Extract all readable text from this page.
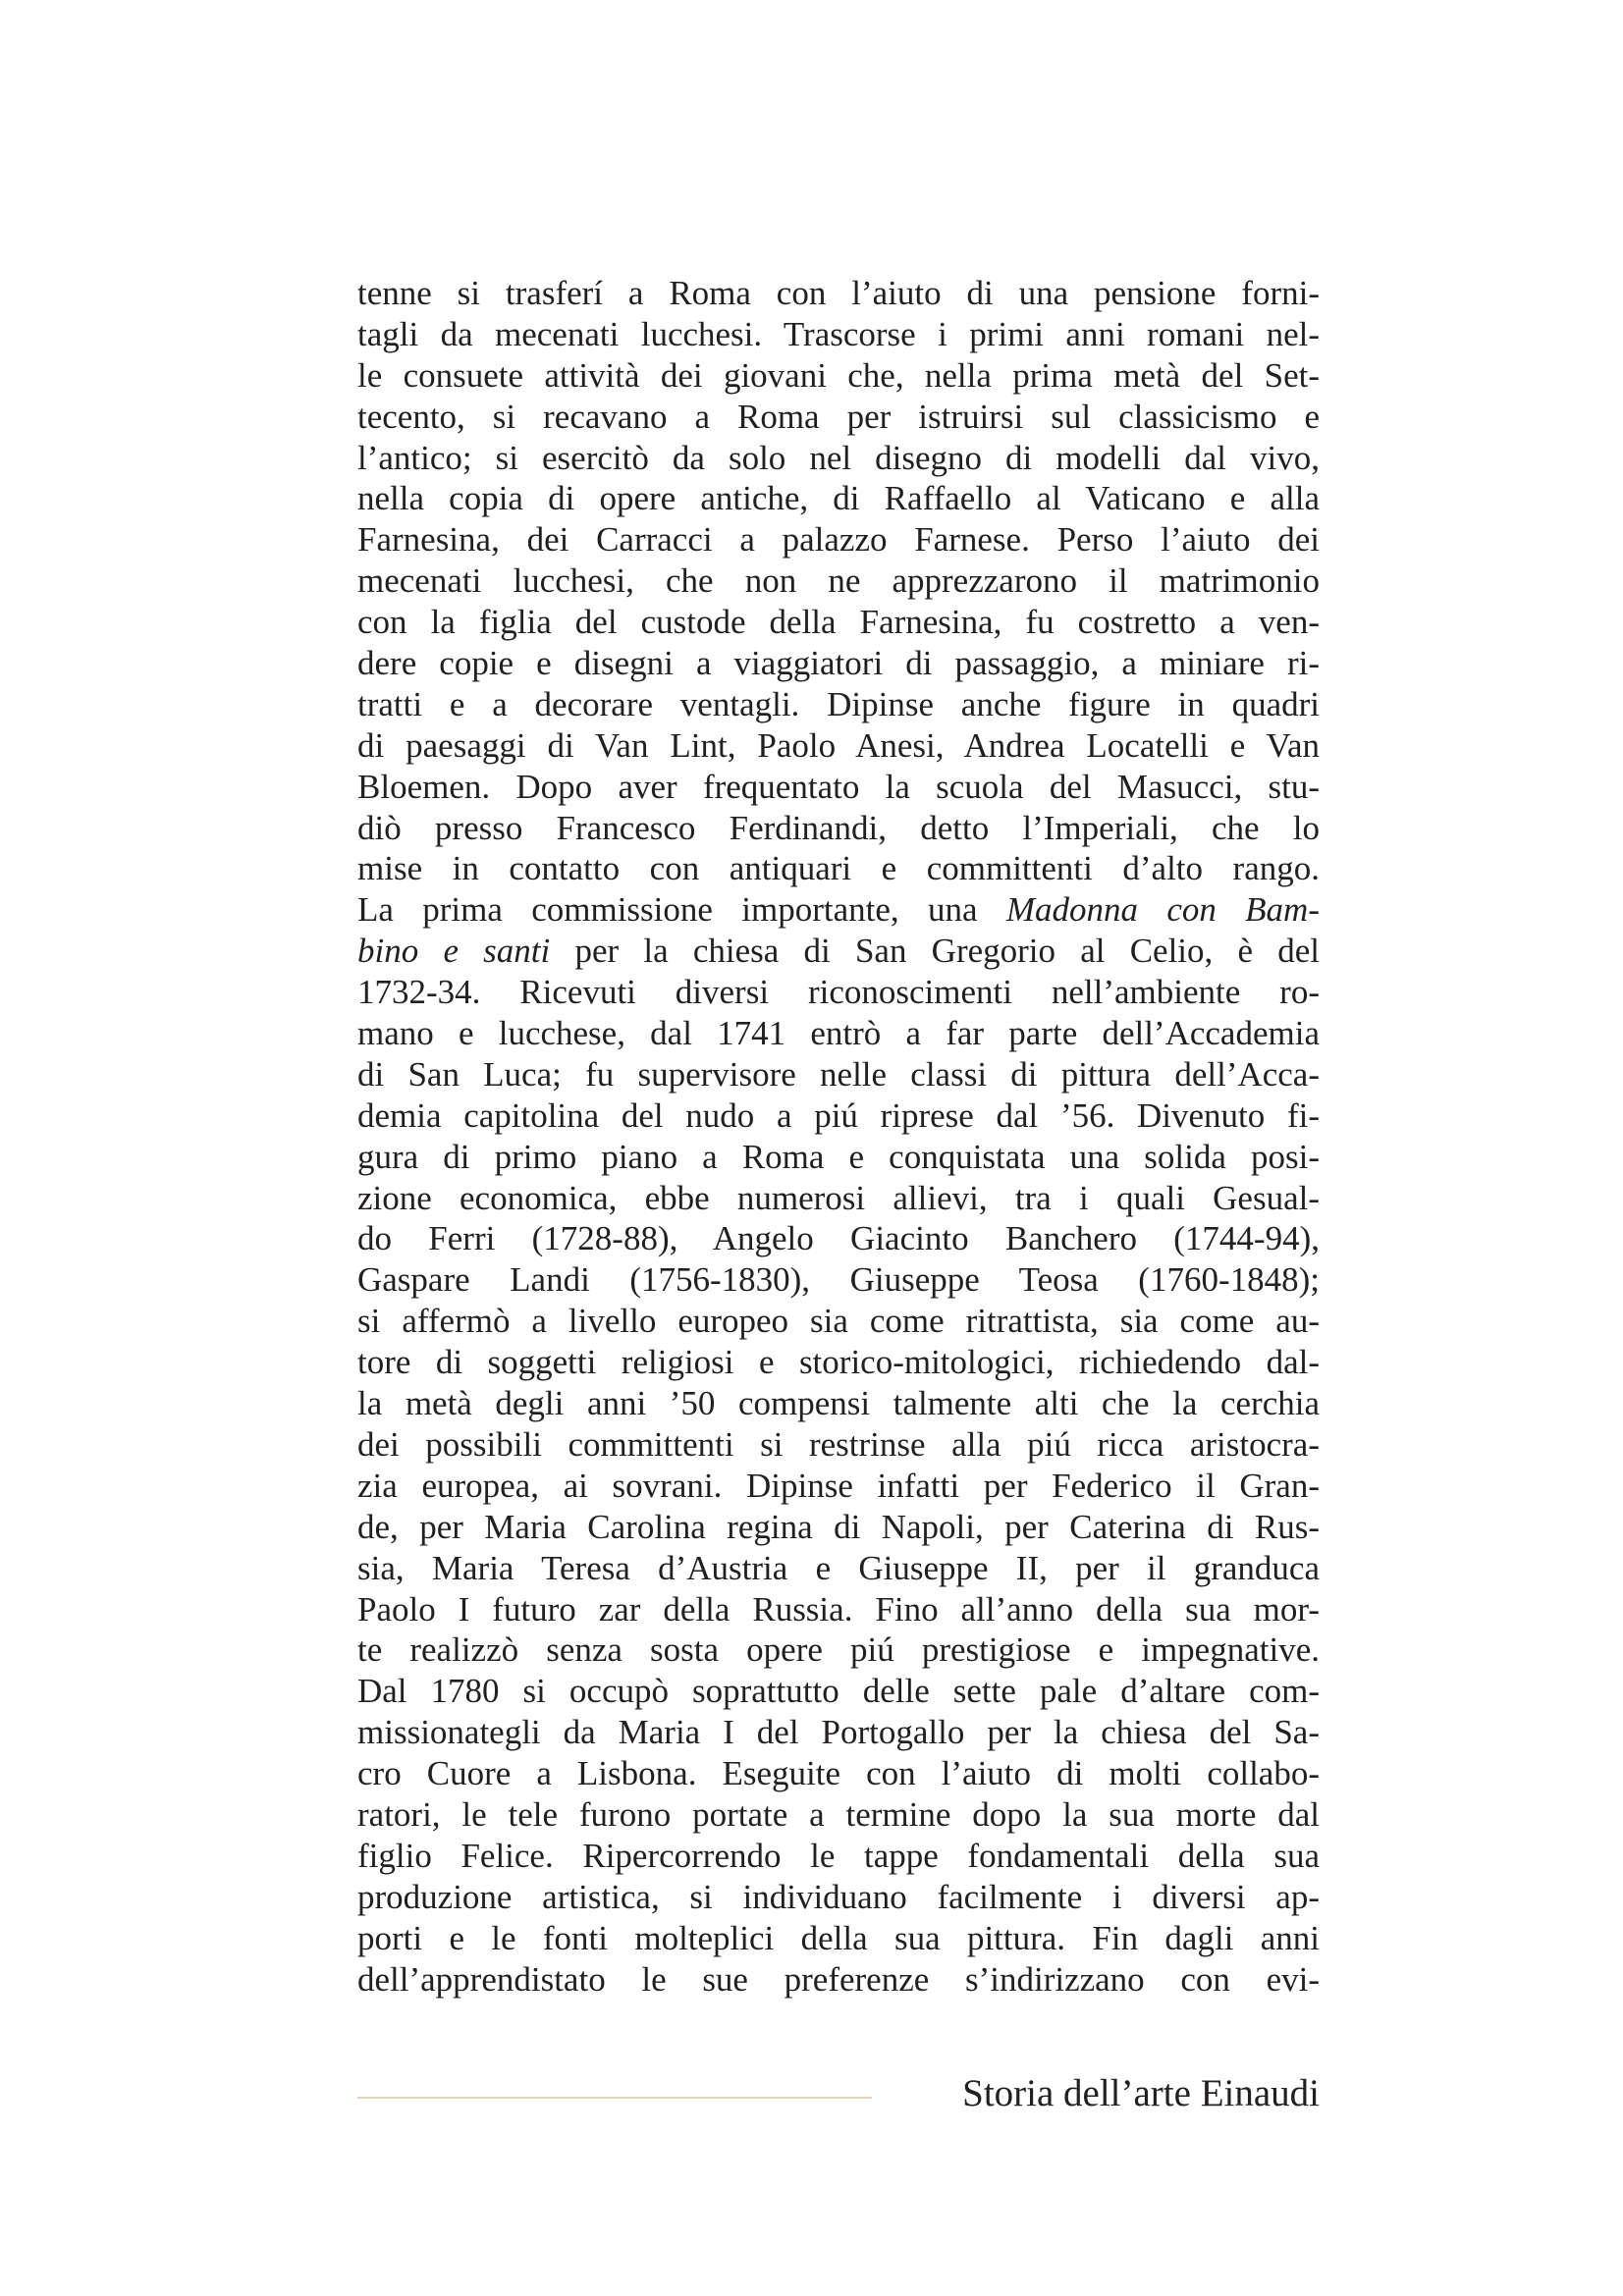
tenne si trasferí a Roma con l’aiuto di una pensione forni-
tagli da mecenati lucchesi. Trascorse i primi anni romani nel-
le consuete attività dei giovani che, nella prima metà del Set-
tecento, si recavano a Roma per istruirsi sul classicismo e
l’antico; si esercitò da solo nel disegno di modelli dal vivo,
nella copia di opere antiche, di Raffaello al Vaticano e alla
Farnesina, dei Carracci a palazzo Farnese. Perso l’aiuto dei
mecenati lucchesi, che non ne apprezzarono il matrimonio
con la figlia del custode della Farnesina, fu costretto a ven-
dere copie e disegni a viaggiatori di passaggio, a miniare ri-
tratti e a decorare ventagli. Dipinse anche figure in quadri
di paesaggi di Van Lint, Paolo Anesi, Andrea Locatelli e Van
Bloemen. Dopo aver frequentato la scuola del Masucci, stu-
diò presso Francesco Ferdinandi, detto l’Imperiali, che lo
mise in contatto con antiquari e committenti d’alto rango.
La prima commissione importante, una Madonna con Bam-
bino e santi per la chiesa di San Gregorio al Celio, è del
1732-34. Ricevuti diversi riconoscimenti nell’ambiente ro-
mano e lucchese, dal 1741 entrò a far parte dell’Accademia
di San Luca; fu supervisore nelle classi di pittura dell’Acca-
demia capitolina del nudo a piú riprese dal ’56. Divenuto fi-
gura di primo piano a Roma e conquistata una solida posi-
zione economica, ebbe numerosi allievi, tra i quali Gesual-
do Ferri (1728-88), Angelo Giacinto Banchero (1744-94),
Gaspare Landi (1756-1830), Giuseppe Teosa (1760-1848);
si affermò a livello europeo sia come ritrattista, sia come au-
tore di soggetti religiosi e storico-mitologici, richiedendo dal-
la metà degli anni ’50 compensi talmente alti che la cerchia
dei possibili committenti si restrinse alla piú ricca aristocra-
zia europea, ai sovrani. Dipinse infatti per Federico il Gran-
de, per Maria Carolina regina di Napoli, per Caterina di Rus-
sia, Maria Teresa d’Austria e Giuseppe II, per il granduca
Paolo I futuro zar della Russia. Fino all’anno della sua mor-
te realizzò senza sosta opere piú prestigiose e impegnative.
Dal 1780 si occupò soprattutto delle sette pale d’altare com-
missionategli da Maria I del Portogallo per la chiesa del Sa-
cro Cuore a Lisbona. Eseguite con l’aiuto di molti collabo-
ratori, le tele furono portate a termine dopo la sua morte dal
figlio Felice. Ripercorrendo le tappe fondamentali della sua
produzione artistica, si individuano facilmente i diversi ap-
porti e le fonti molteplici della sua pittura. Fin dagli anni
dell’apprendistato le sue preferenze s’indirizzano con evi-
Storia dell’arte Einaudi
